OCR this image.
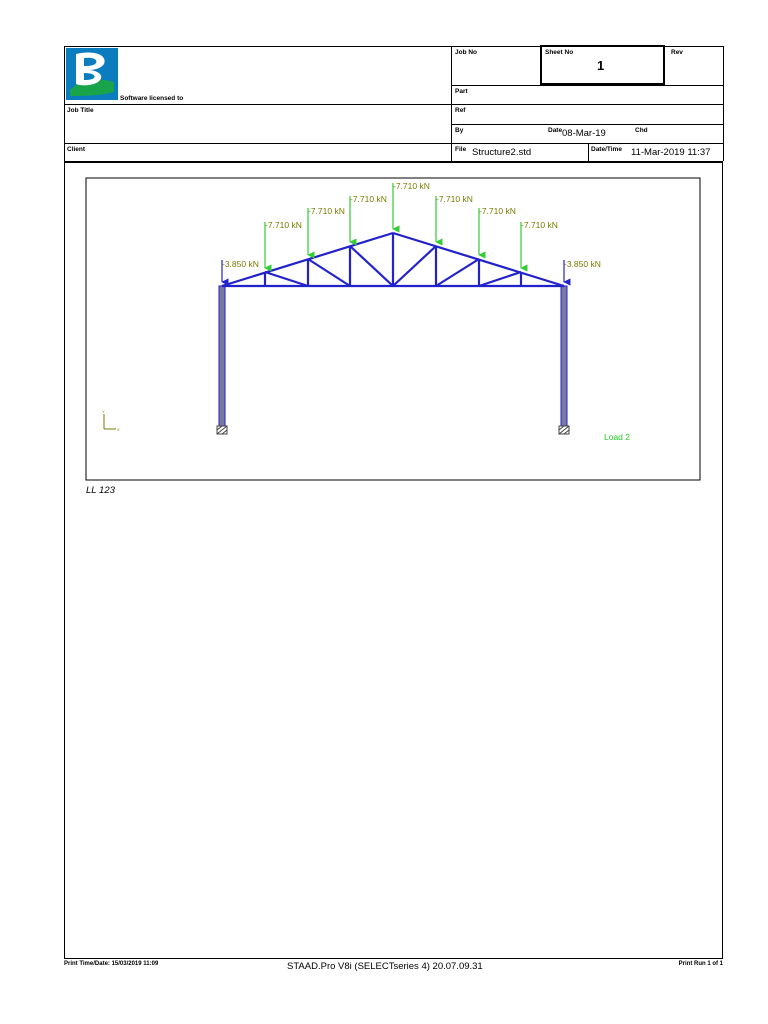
Software licensed to
Job Title
Client
Job No	Sheet No
1
Rev
Part
Ref
By	Date 08-Mar-19	Chd
File Structure2.std	Date/Time 11-Mar-2019 11:37
-7.710 kN
-7.710 kN
-7.710 kN
-7.710 kN
-7.710 kN
-7.710 kN
-7.710 kN
-3.850 kN	-3.850 kN
Load 2
Y
X
LL 123
Print Time/Date: 15/03/2019 11:09	STAAD.Pro V8i (SELECTseries 4) 20.07.09.31	Print Run 1 of 1
